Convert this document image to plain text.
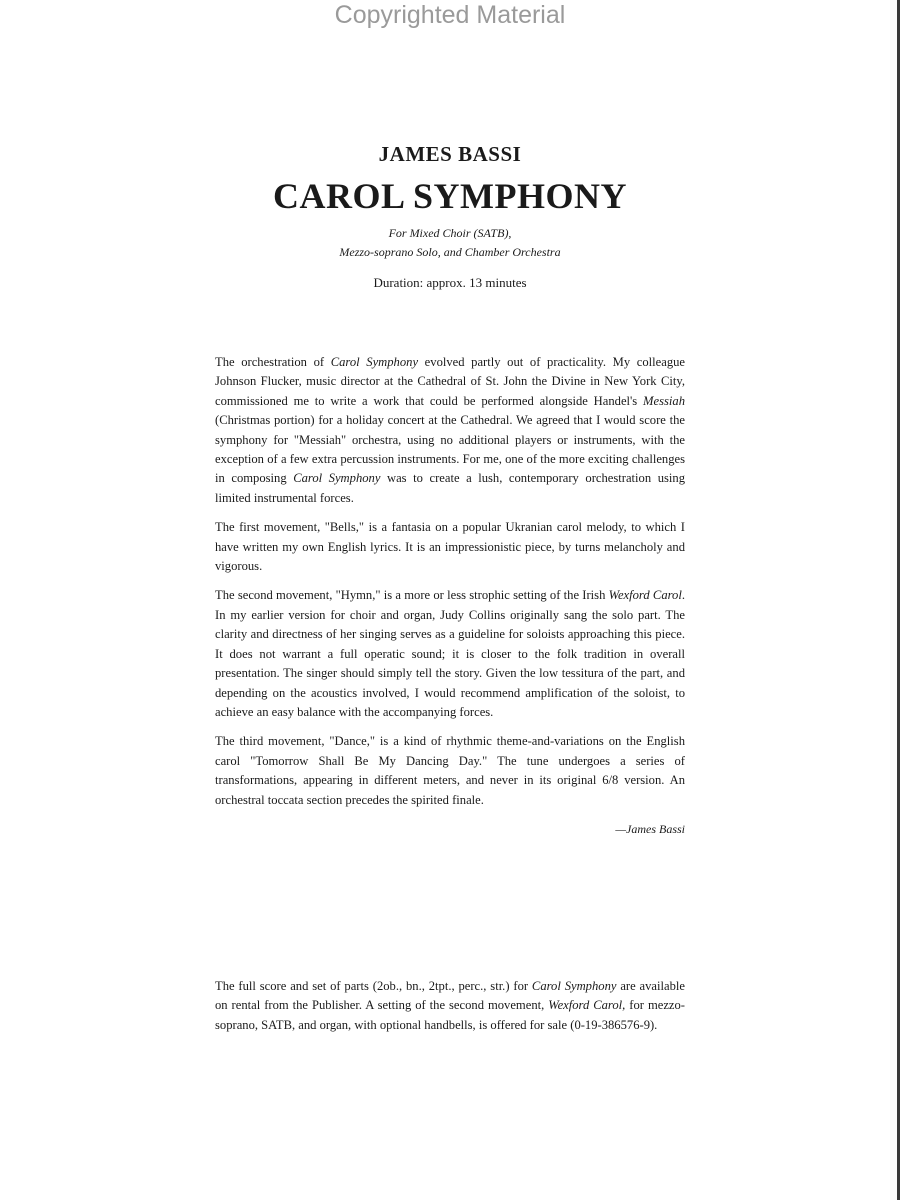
Copyrighted Material
JAMES BASSI
CAROL SYMPHONY
For Mixed Choir (SATB),
Mezzo-soprano Solo, and Chamber Orchestra
Duration: approx. 13 minutes

The orchestration of Carol Symphony evolved partly out of practicality. My colleague Johnson Flucker, music director at the Cathedral of St. John the Divine in New York City, commissioned me to write a work that could be performed alongside Handel's Messiah (Christmas portion) for a holiday concert at the Cathedral. We agreed that I would score the symphony for "Messiah" orchestra, using no additional players or instruments, with the exception of a few extra percussion instruments. For me, one of the more exciting challenges in composing Carol Symphony was to create a lush, contemporary orchestration using limited instrumental forces.

The first movement, "Bells," is a fantasia on a popular Ukranian carol melody, to which I have written my own English lyrics. It is an impressionistic piece, by turns melancholy and vigorous.

The second movement, "Hymn," is a more or less strophic setting of the Irish Wexford Carol. In my earlier version for choir and organ, Judy Collins originally sang the solo part. The clarity and directness of her singing serves as a guideline for soloists approaching this piece. It does not warrant a full operatic sound; it is closer to the folk tradition in overall presentation. The singer should simply tell the story. Given the low tessitura of the part, and depending on the acoustics involved, I would recommend amplification of the soloist, to achieve an easy balance with the accompanying forces.

The third movement, "Dance," is a kind of rhythmic theme-and-variations on the English carol "Tomorrow Shall Be My Dancing Day." The tune undergoes a series of transformations, appearing in different meters, and never in its original 6/8 version. An orchestral toccata section precedes the spirited finale.

—James Bassi

The full score and set of parts (2ob., bn., 2tpt., perc., str.) for Carol Symphony are available on rental from the Publisher. A setting of the second movement, Wexford Carol, for mezzo-soprano, SATB, and organ, with optional handbells, is offered for sale (0-19-386576-9).
